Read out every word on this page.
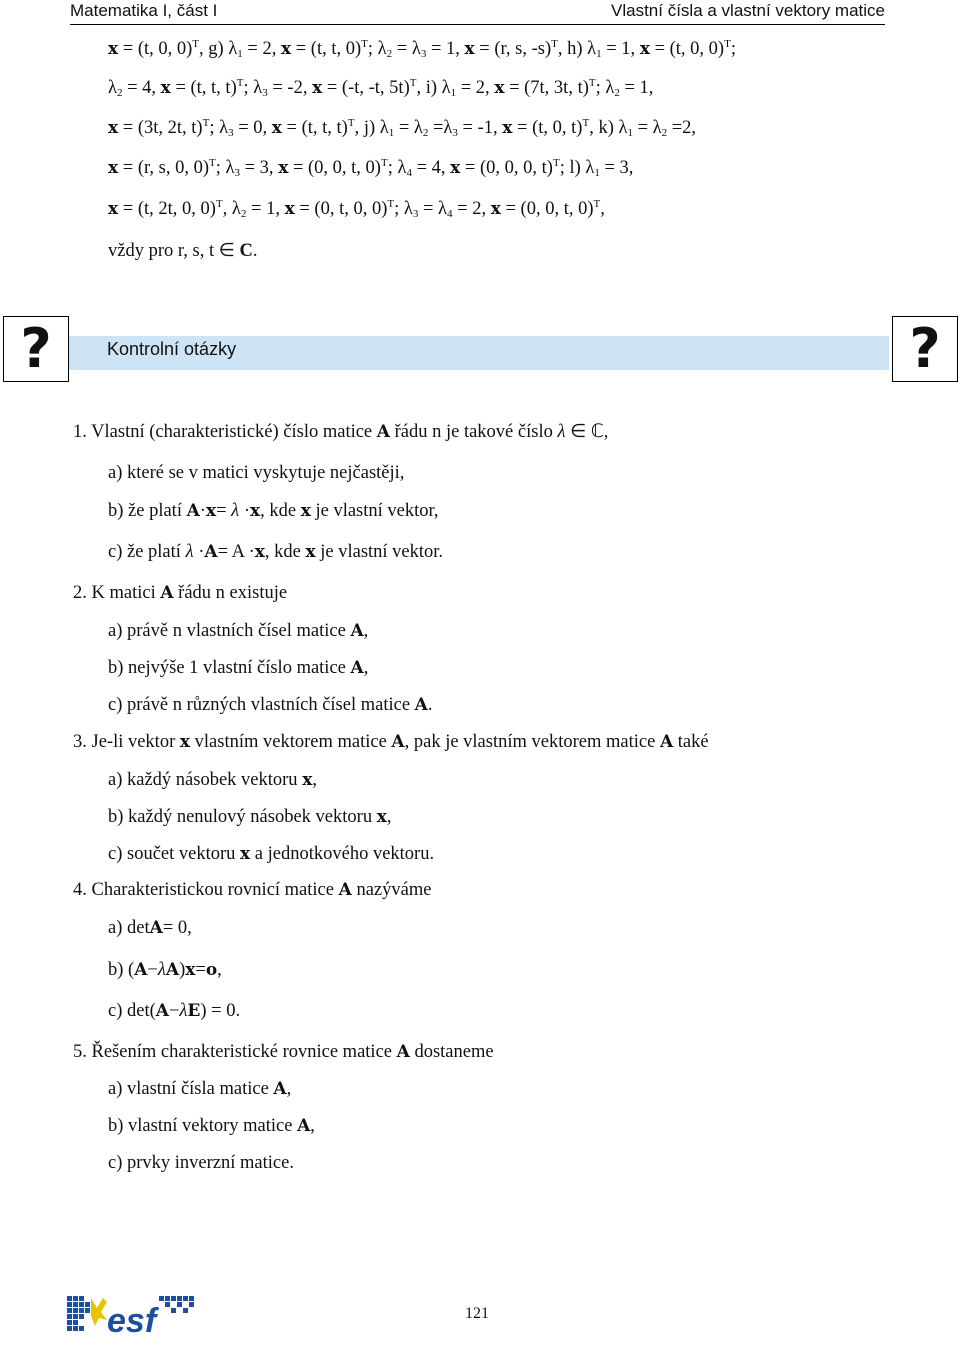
Matematika I, část I	Vlastní čísla a vlastní vektory matice
x = (t, 0, 0)$^T$, g) $\lambda_1 = 2$, x = (t, t, 0)$^T$; $\lambda_2 = \lambda_3 = 1$, x = (r, s, -s)$^T$, h) $\lambda_1 = 1$, x = (t, 0, 0)$^T$;
$\lambda_2 = 4$, x = (t, t, t)$^T$; $\lambda_3 = -2$, x = (-t, -t, 5t)$^T$, i) $\lambda_1 = 2$, x = (7t, 3t, t)$^T$; $\lambda_2 = 1$,
x = (3t, 2t, t)$^T$; $\lambda_3 = 0$, x = (t, t, t)$^T$, j) $\lambda_1 = \lambda_2 =\lambda_3 = -1$, x = (t, 0, t)$^T$, k) $\lambda_1 = \lambda_2 =2$,
x = (r, s, 0, 0)$^T$; $\lambda_3 = 3$, x = (0, 0, t, 0)$^T$; $\lambda_4 = 4$, x = (0, 0, 0, t)$^T$; l) $\lambda_1 = 3$,
x = (t, 2t, 0, 0)$^T$, $\lambda_2 = 1$, x = (0, t, 0, 0)$^T$; $\lambda_3 = \lambda_4 = 2$, x = (0, 0, t, 0)$^T$,
vždy pro r, s, t ∈ C.
?	?
Kontrolní otázky
1. Vlastní (charakteristické) číslo matice A řádu n je takové číslo λ ∈ ℂ,
a) které se v matici vyskytuje nejčastěji,
b) že platí A·x= λ ·x, kde x je vlastní vektor,
c) že platí λ ·A= A ·x, kde x je vlastní vektor.
2. K matici A řádu n existuje
a) právě n vlastních čísel matice A,
b) nejvýše 1 vlastní číslo matice A,
c) právě n různých vlastních čísel matice A.
3. Je-li vektor x vlastním vektorem matice A, pak je vlastním vektorem matice A také
a) každý násobek vektoru x,
b) každý nenulový násobek vektoru x,
c) součet vektoru x a jednotkového vektoru.
4. Charakteristickou rovnicí matice A nazýváme
a) detA= 0,
b) (A−λA)x=o,
c) det(A−λE) = 0.
5. Řešením charakteristické rovnice matice A dostaneme
a) vlastní čísla matice A,
b) vlastní vektory matice A,
c) prvky inverzní matice.
esf	121
